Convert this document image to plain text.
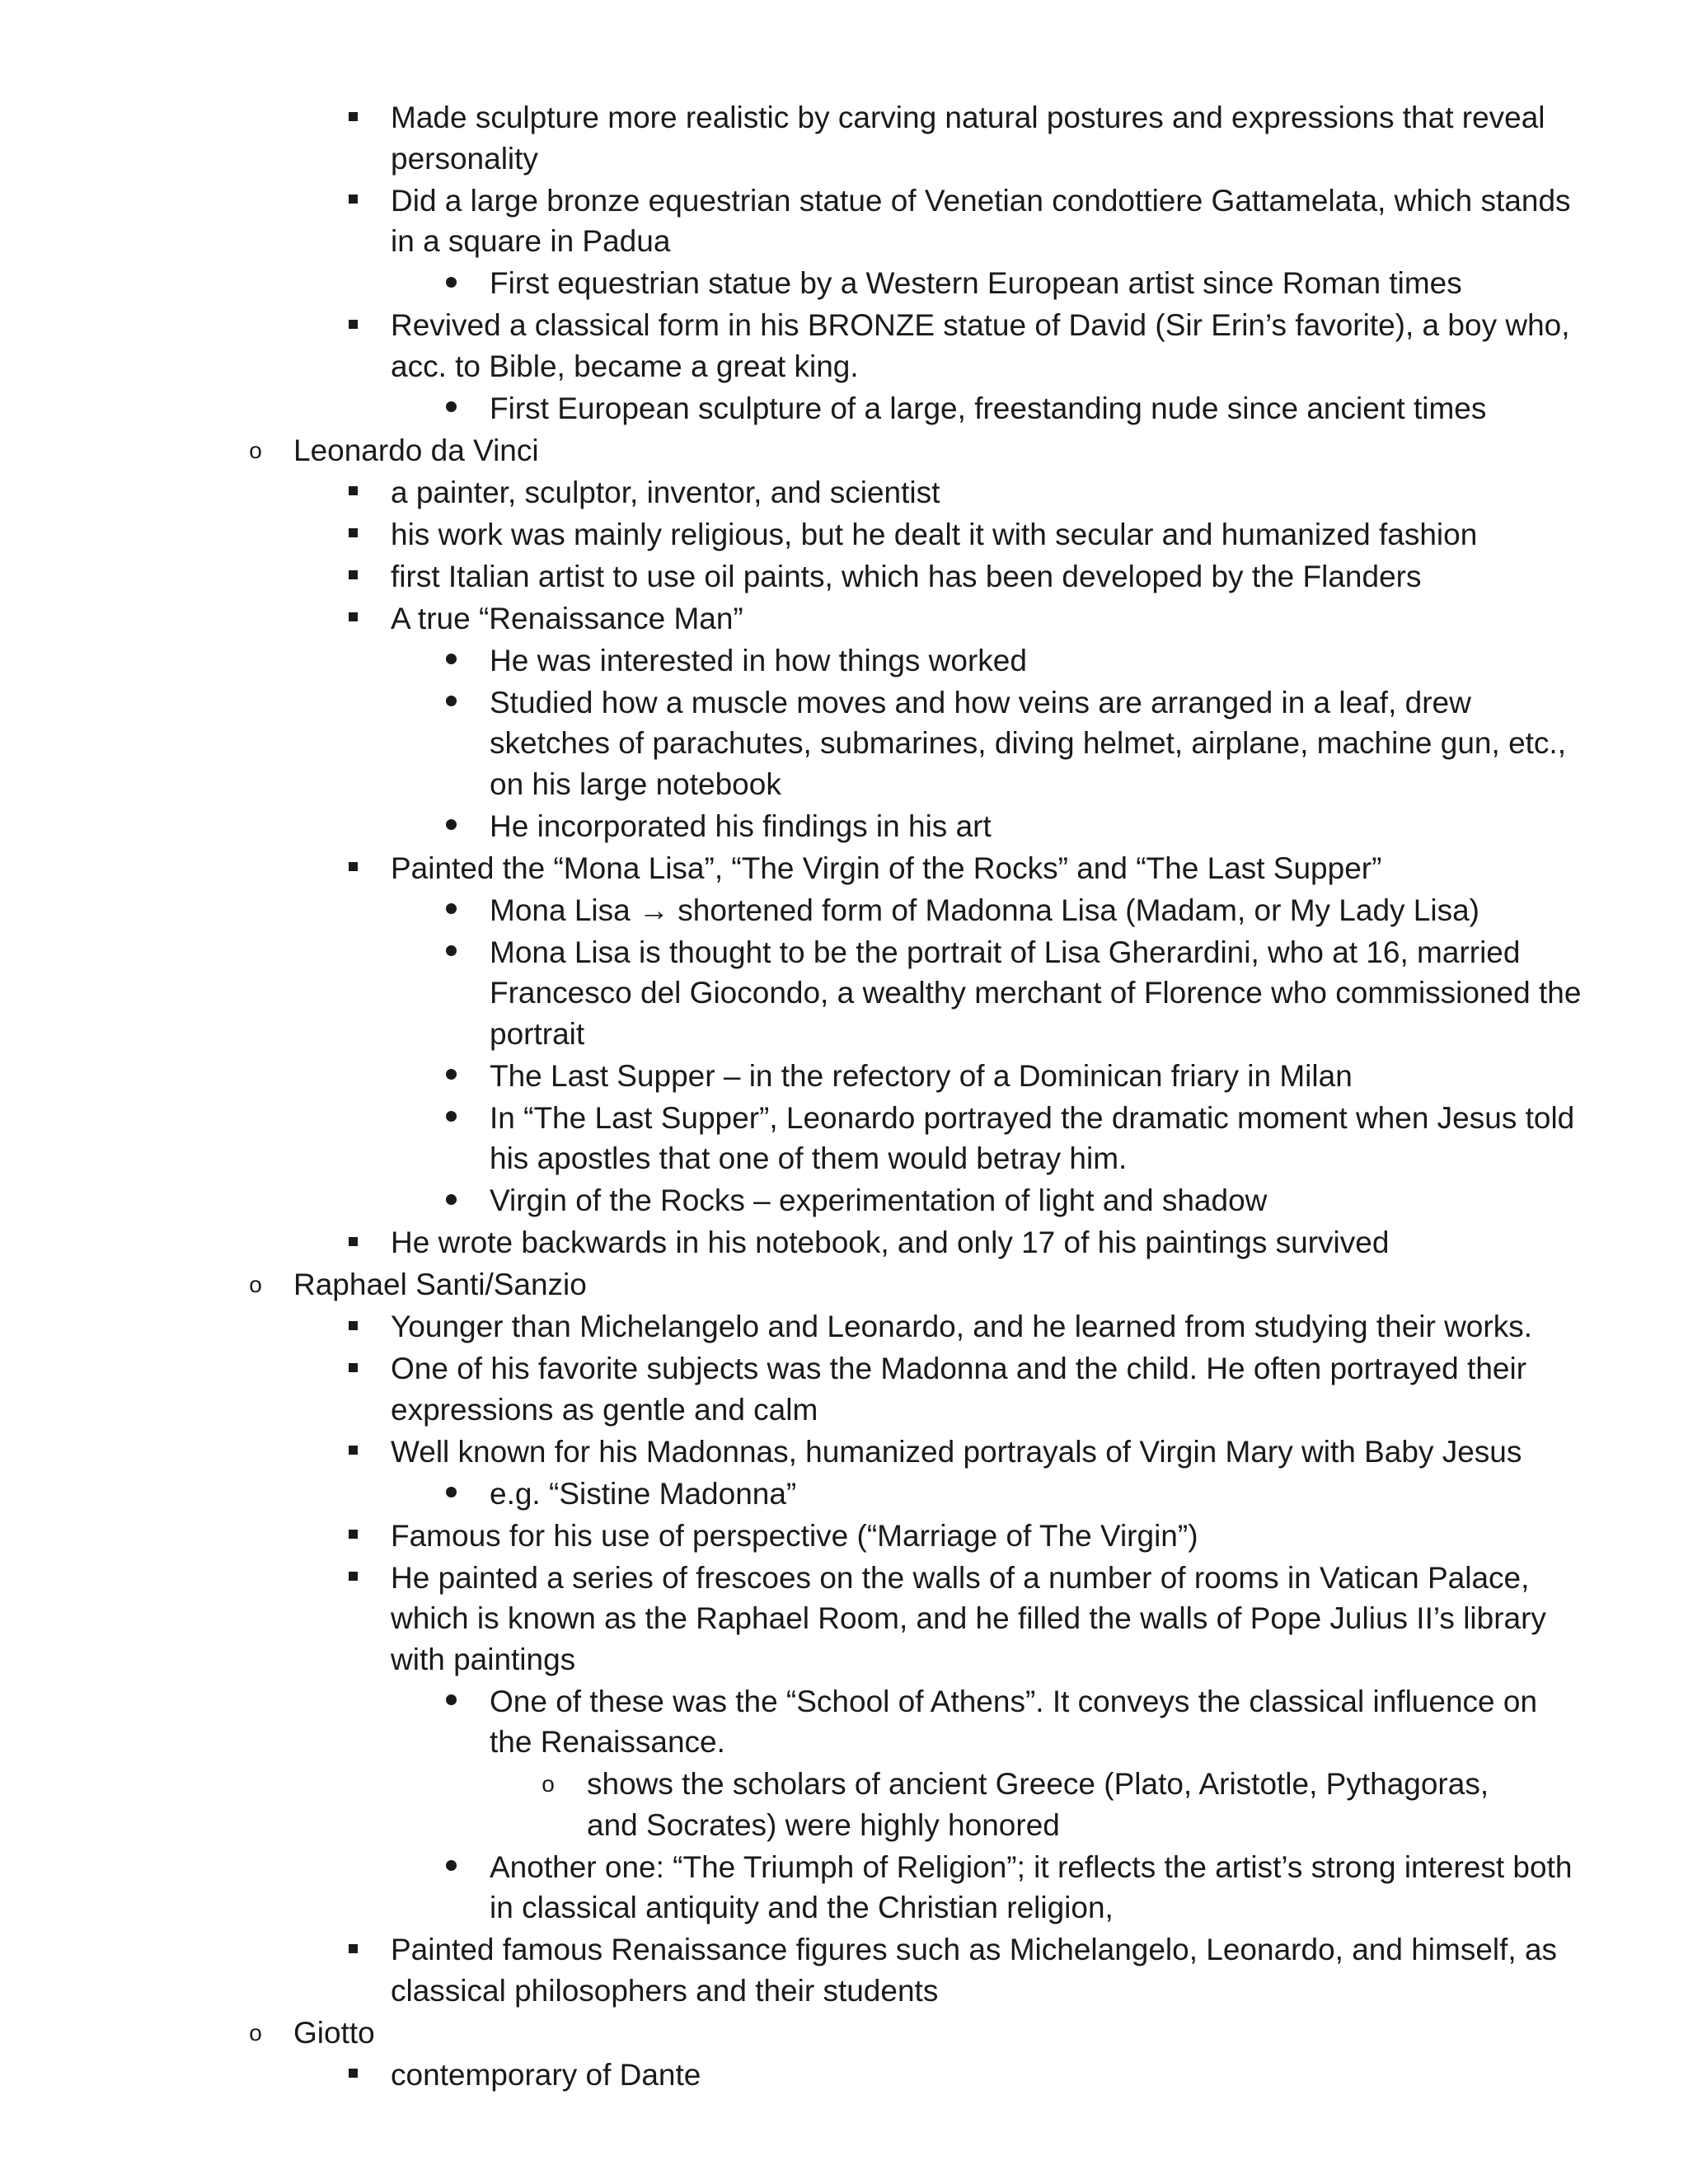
Made sculpture more realistic by carving natural postures and expressions that reveal personality
Did a large bronze equestrian statue of Venetian condottiere Gattamelata, which stands in a square in Padua
First equestrian statue by a Western European artist since Roman times
Revived a classical form in his BRONZE statue of David (Sir Erin’s favorite), a boy who, acc. to Bible, became a great king.
First European sculpture of a large, freestanding nude since ancient times
o	Leonardo da Vinci
a painter, sculptor, inventor, and scientist
his work was mainly religious, but he dealt it with secular and humanized fashion
first Italian artist to use oil paints, which has been developed by the Flanders
A true “Renaissance Man”
He was interested in how things worked
Studied how a muscle moves and how veins are arranged in a leaf, drew sketches of parachutes, submarines, diving helmet, airplane, machine gun, etc., on his large notebook
He incorporated his findings in his art
Painted the “Mona Lisa”, “The Virgin of the Rocks” and “The Last Supper”
Mona Lisa → shortened form of Madonna Lisa (Madam, or My Lady Lisa)
Mona Lisa is thought to be the portrait of Lisa Gherardini, who at 16, married Francesco del Giocondo, a wealthy merchant of Florence who commissioned the portrait
The Last Supper – in the refectory of a Dominican friary in Milan
In “The Last Supper”, Leonardo portrayed the dramatic moment when Jesus told his apostles that one of them would betray him.
Virgin of the Rocks – experimentation of light and shadow
He wrote backwards in his notebook, and only 17 of his paintings survived
o	Raphael Santi/Sanzio
Younger than Michelangelo and Leonardo, and he learned from studying their works.
One of his favorite subjects was the Madonna and the child. He often portrayed their expressions as gentle and calm
Well known for his Madonnas, humanized portrayals of Virgin Mary with Baby Jesus
e.g. “Sistine Madonna”
Famous for his use of perspective (“Marriage of The Virgin”)
He painted a series of frescoes on the walls of a number of rooms in Vatican Palace, which is known as the Raphael Room, and he filled the walls of Pope Julius II’s library with paintings
One of these was the “School of Athens”. It conveys the classical influence on the Renaissance.
o	shows the scholars of ancient Greece (Plato, Aristotle, Pythagoras, and Socrates) were highly honored
Another one: “The Triumph of Religion”; it reflects the artist’s strong interest both in classical antiquity and the Christian religion,
Painted famous Renaissance figures such as Michelangelo, Leonardo, and himself, as classical philosophers and their students
o	Giotto
contemporary of Dante
